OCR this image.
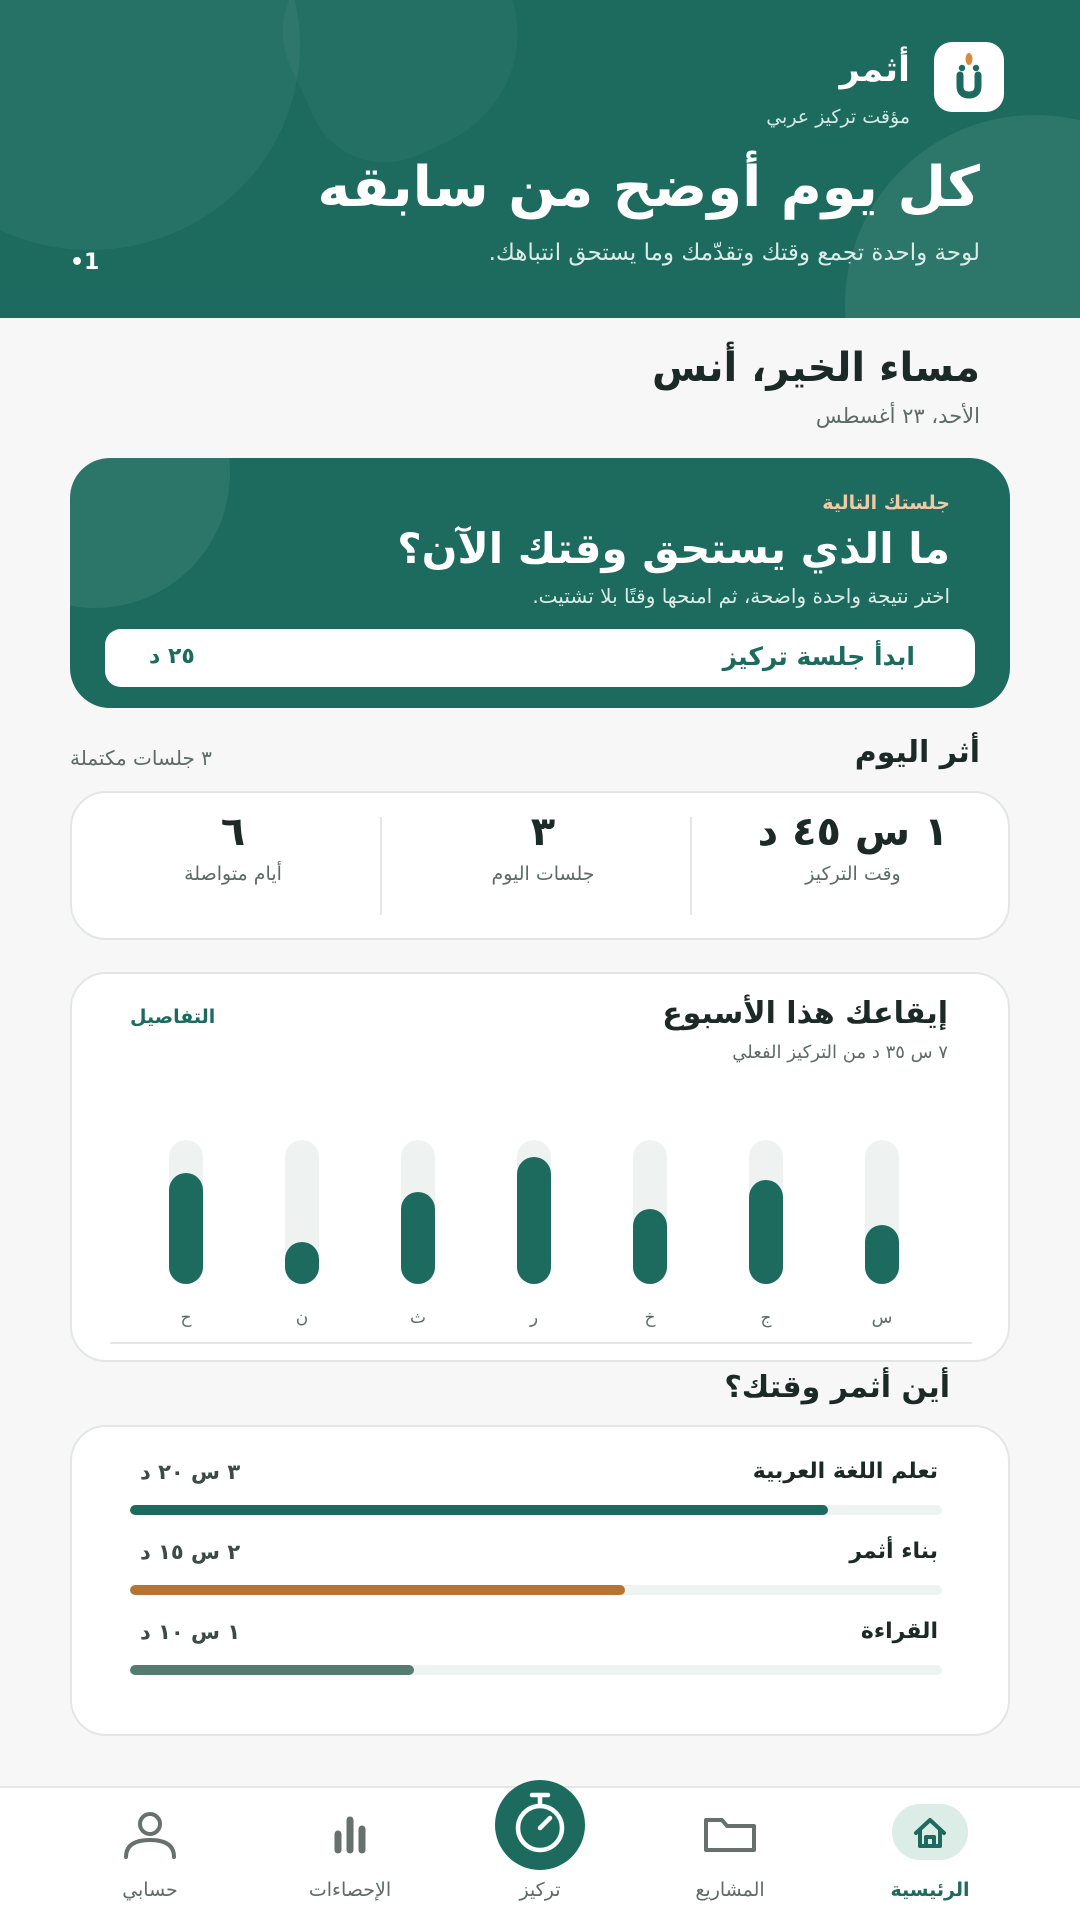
أثمر
مؤقت تركيز عربي
كل يوم أوضح من سابقه

لوحة واحدة تجمع وقتك وتقدّمك وما يستحق انتباهك.

•1
مساء الخير، أنس
الأحد، ٢٣ أغسطس
جلستك التالية
ما الذي يستحق وقتك الآن؟
اختر نتيجة واحدة واضحة، ثم امنحها وقتًا بلا تشتيت.
ابدأ جلسة تركيز
٢٥ د
أثر اليوم
٣ جلسات مكتملة
١ س ٤٥ د
وقت التركيز
٣
جلسات اليوم
٦
أيام متواصلة
إيقاعك هذا الأسبوع
٧ س ٣٥ د من التركيز الفعلي
التفاصيل
س
ج
خ
ر
ث
ن
ح
أين أثمر وقتك؟
تعلم اللغة العربية
٣ س ٢٠ د
بناء أثمر
٢ س ١٥ د
القراءة
١ س ١٠ د
الرئيسية
المشاريع
تركيز
الإحصاءات
حسابي
